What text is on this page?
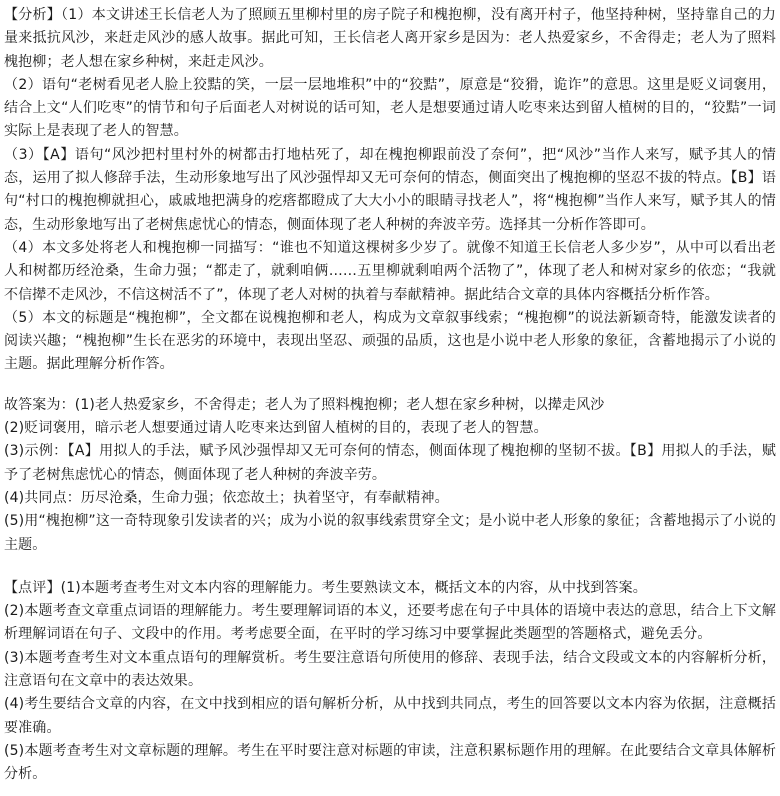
【分析】（1）本文讲述王长信老人为了照顾五里柳村里的房子院子和槐抱柳，没有离开村子，他坚持种树，坚持靠自己的力量来抵抗风沙，来赶走风沙的感人故事。据此可知，王长信老人离开家乡是因为：老人热爱家乡，不舍得走；老人为了照料槐抱柳；老人想在家乡种树，来赶走风沙。

（2）语句“老树看见老人脸上狡黠的笑，一层一层地堆积”中的“狡黠”，原意是“狡猾，诡诈”的意思。这里是贬义词褒用，结合上文“人们吃枣”的情节和句子后面老人对树说的话可知，老人是想要通过请人吃枣来达到留人植树的目的，“狡黠”一词实际上是表现了老人的智慧。

（3）【A】语句“风沙把村里村外的树都击打地枯死了，却在槐抱柳跟前没了奈何”，把“风沙”当作人来写，赋予其人的情态，运用了拟人修辞手法，生动形象地写出了风沙强悍却又无可奈何的情态，侧面突出了槐抱柳的坚忍不拔的特点。【B】语句“村口的槐抱柳就担心，戚戚地把满身的疙瘩都瞪成了大大小小的眼睛寻找老人”，将“槐抱柳”当作人来写，赋予其人的情态，生动形象地写出了老树焦虑忧心的情态，侧面体现了老人种树的奔波辛劳。选择其一分析作答即可。

（4）本文多处将老人和槐抱柳一同描写：“谁也不知道这棵树多少岁了。就像不知道王长信老人多少岁”，从中可以看出老人和树都历经沧桑，生命力强；“都走了，就剩咱俩……五里柳就剩咱两个活物了”，体现了老人和树对家乡的依恋；“我就不信撵不走风沙，不信这树活不了”，体现了老人对树的执着与奉献精神。据此结合文章的具体内容概括分析作答。

（5）本文的标题是“槐抱柳”，全文都在说槐抱柳和老人，构成为文章叙事线索；“槐抱柳”的说法新颖奇特，能激发读者的阅读兴趣；“槐抱柳”生长在恶劣的环境中，表现出坚忍、顽强的品质，这也是小说中老人形象的象征，含蓄地揭示了小说的主题。据此理解分析作答。

故答案为：(1)老人热爱家乡，不舍得走；老人为了照料槐抱柳；老人想在家乡种树，以撵走风沙

(2)贬词褒用，暗示老人想要通过请人吃枣来达到留人植树的目的，表现了老人的智慧。

(3)示例：【A】用拟人的手法，赋予风沙强悍却又无可奈何的情态，侧面体现了槐抱柳的坚韧不拔。【B】用拟人的手法，赋予了老树焦虑忧心的情态，侧面体现了老人种树的奔波辛劳。

(4)共同点：历尽沧桑，生命力强；依恋故土；执着坚守，有奉献精神。

(5)用“槐抱柳”这一奇特现象引发读者的兴；成为小说的叙事线索贯穿全文；是小说中老人形象的象征；含蓄地揭示了小说的主题。

【点评】(1)本题考查考生对文本内容的理解能力。考生要熟读文本，概括文本的内容，从中找到答案。

(2)本题考查文章重点词语的理解能力。考生要理解词语的本义，还要考虑在句子中具体的语境中表达的意思，结合上下文解析理解词语在句子、文段中的作用。考考虑要全面，在平时的学习练习中要掌握此类题型的答题格式，避免丢分。

(3)本题考查考生对文本重点语句的理解赏析。考生要注意语句所使用的修辞、表现手法，结合文段或文本的内容解析分析，注意语句在文章中的表达效果。

(4)考生要结合文章的内容，在文中找到相应的语句解析分析，从中找到共同点，考生的回答要以文本内容为依据，注意概括要准确。

(5)本题考查考生对文章标题的理解。考生在平时要注意对标题的审读，注意积累标题作用的理解。在此要结合文章具体解析分析。
